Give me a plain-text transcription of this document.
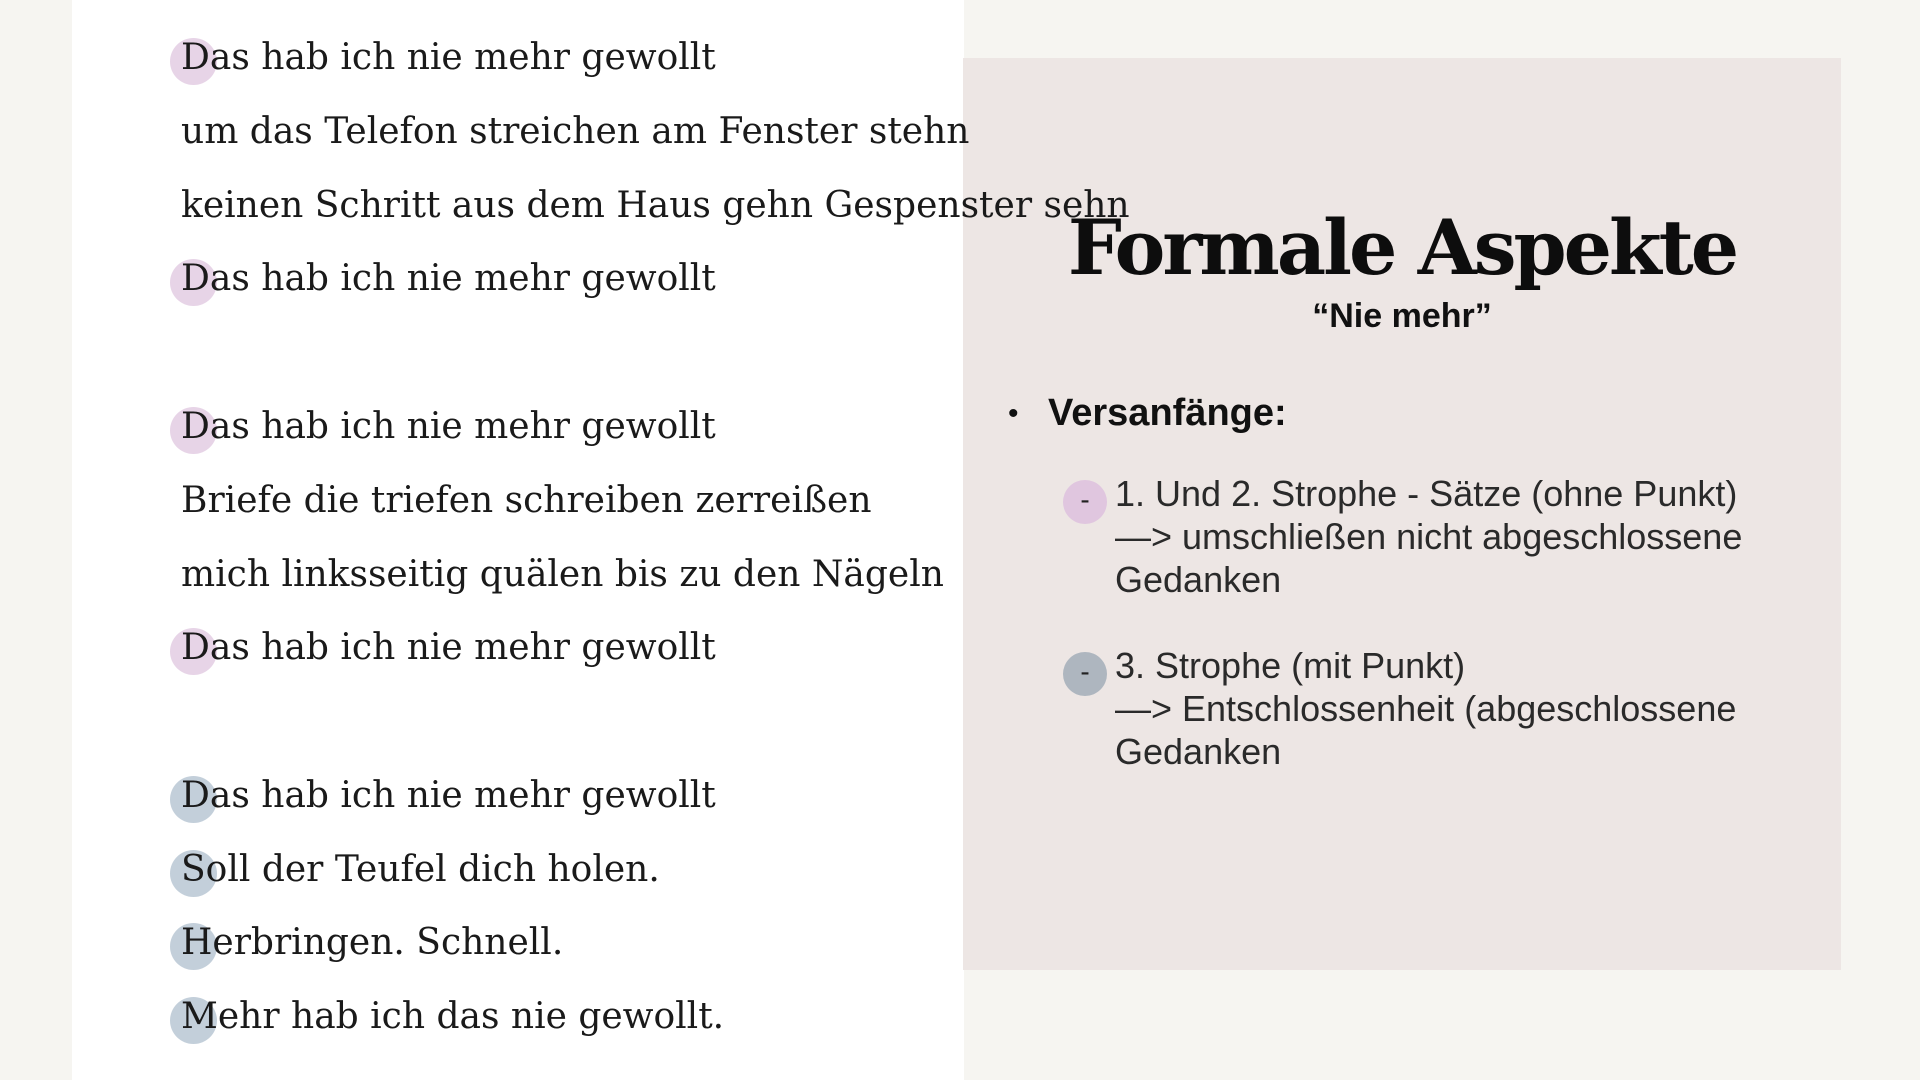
Das hab ich nie mehr gewollt
um das Telefon streichen am Fenster stehn
keinen Schritt aus dem Haus gehn Gespenster sehn
Das hab ich nie mehr gewollt
Das hab ich nie mehr gewollt
Briefe die triefen schreiben zerreißen
mich linksseitig quälen bis zu den Nägeln
Das hab ich nie mehr gewollt
Das hab ich nie mehr gewollt
Soll der Teufel dich holen.
Herbringen. Schnell.
Mehr hab ich das nie gewollt.
Formale Aspekte
“Nie mehr”
• Versanfänge:
- 1. Und 2. Strophe - Sätze (ohne Punkt)
—> umschließen nicht abgeschlossene
Gedanken
- 3. Strophe (mit Punkt)
—> Entschlossenheit (abgeschlossene
Gedanken
